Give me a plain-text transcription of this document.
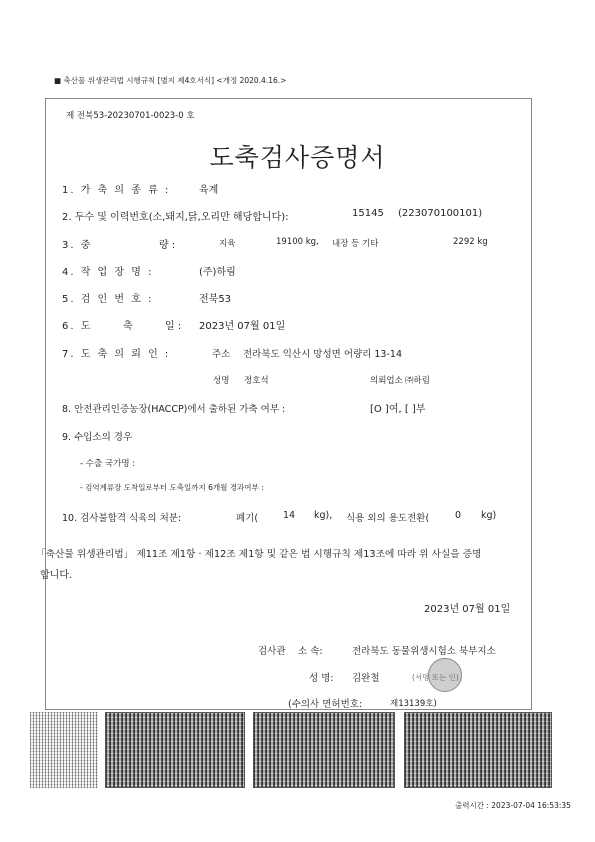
■ 축산물 위생관리법 시행규칙 [별지 제4호서식] <개정 2020.4.16.>
제 전북53-20230701-0023-0 호
도축검사증명서
1. 가 축 의 종 류 :	육계
2. 두수 및 이력번호(소,돼지,닭,오리만 해당합니다):	15145 (223070100101)
3. 중	량 :	지육	19100 kg, 내장 등 기타	2292 kg
4. 작 업 장 명 :	(주)하림
5. 검 인 번 호 :	전북53
6. 도	축	일 : 2023년 07월 01일
7. 도 축 의 뢰 인 :	주소 전라북도 익산시 망성면 어량리 13-14
성명 정호석	의뢰업소 ㈜하림
8. 안전관리인증농장(HACCP)에서 출하된 가축 여부 :	[O ]여, [ ]부
9. 수입소의 경우
- 수출 국가명 :
- 검역계류장 도착일로부터 도축일까지 6개월 경과여부 :
10. 검사불합격 식육의 처분:	폐기(	14 kg), 식용 외의 용도전환(	0 kg)
「축산물 위생관리법」 제11조 제1항 · 제12조 제1항 및 같은 법 시행규칙 제13조에 따라 위 사실을 증명
합니다.
2023년 07월 01일
검사관 소 속:	전라북도 동물위생시험소 북부지소
성 명: 김완철	(서명 또는 인)
(수의사 면허번호:	제13139호)
출력시간 : 2023-07-04 16:53:35
